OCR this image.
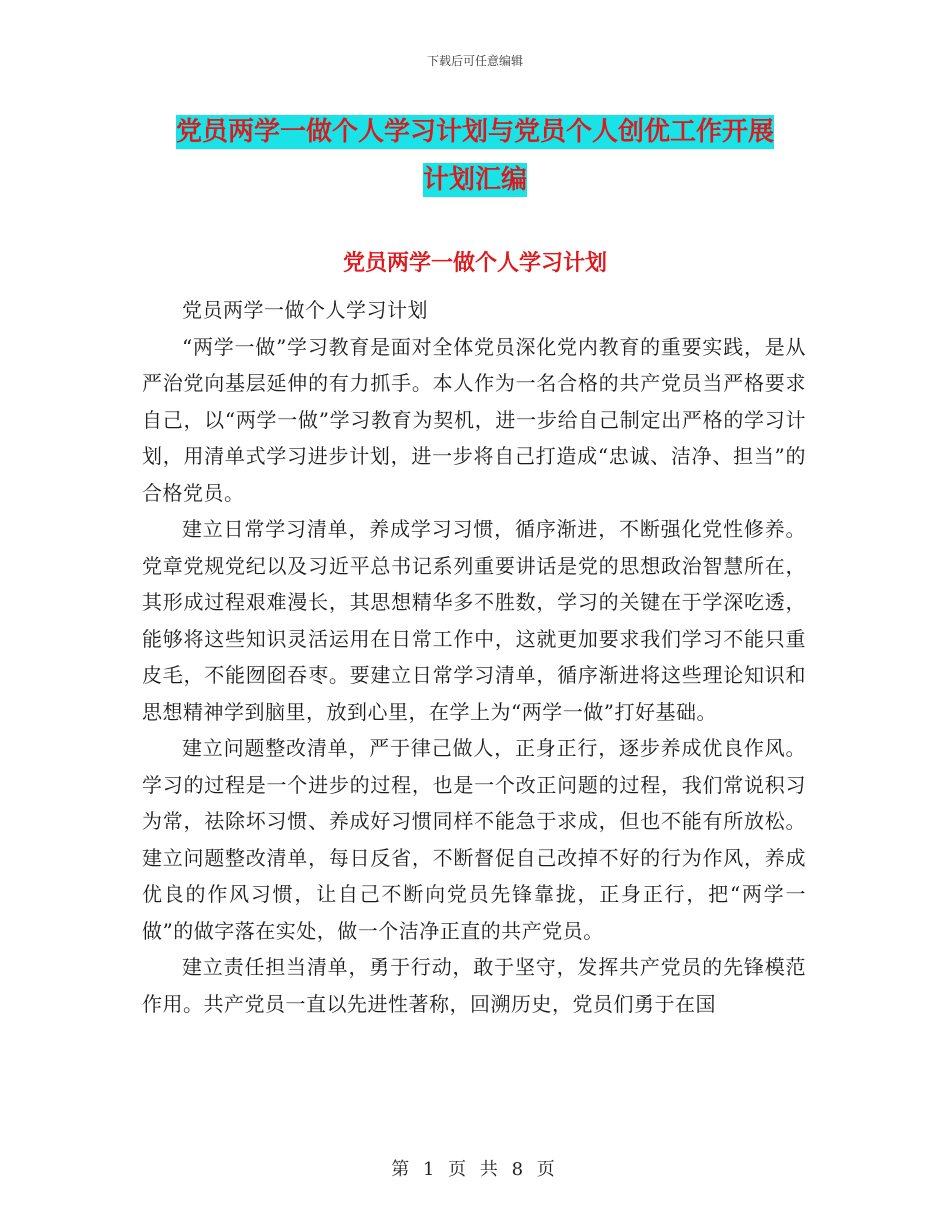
下载后可任意编辑
党员两学一做个人学习计划与党员个人创优工作开展
计划汇编
党员两学一做个人学习计划

党员两学一做个人学习计划

“两学一做”学习教育是面对全体党员深化党内教育的重要实践，是从严治党向基层延伸的有力抓手。本人作为一名合格的共产党员当严格要求自己，以“两学一做”学习教育为契机，进一步给自己制定出严格的学习计划，用清单式学习进步计划，进一步将自己打造成“忠诚、洁净、担当”的合格党员。

建立日常学习清单，养成学习习惯，循序渐进，不断强化党性修养。党章党规党纪以及习近平总书记系列重要讲话是党的思想政治智慧所在，其形成过程艰难漫长，其思想精华多不胜数，学习的关键在于学深吃透，能够将这些知识灵活运用在日常工作中，这就更加要求我们学习不能只重皮毛，不能囫囵吞枣。要建立日常学习清单，循序渐进将这些理论知识和思想精神学到脑里，放到心里，在学上为“两学一做”打好基础。

建立问题整改清单，严于律己做人，正身正行，逐步养成优良作风。学习的过程是一个进步的过程，也是一个改正问题的过程，我们常说积习为常，祛除坏习惯、养成好习惯同样不能急于求成，但也不能有所放松。建立问题整改清单，每日反省，不断督促自己改掉不好的行为作风，养成优良的作风习惯，让自己不断向党员先锋靠拢，正身正行，把“两学一做”的做字落在实处，做一个洁净正直的共产党员。

建立责任担当清单，勇于行动，敢于坚守，发挥共产党员的先锋模范作用。共产党员一直以先进性著称，回溯历史，党员们勇于在国

第 1 页 共 8 页
